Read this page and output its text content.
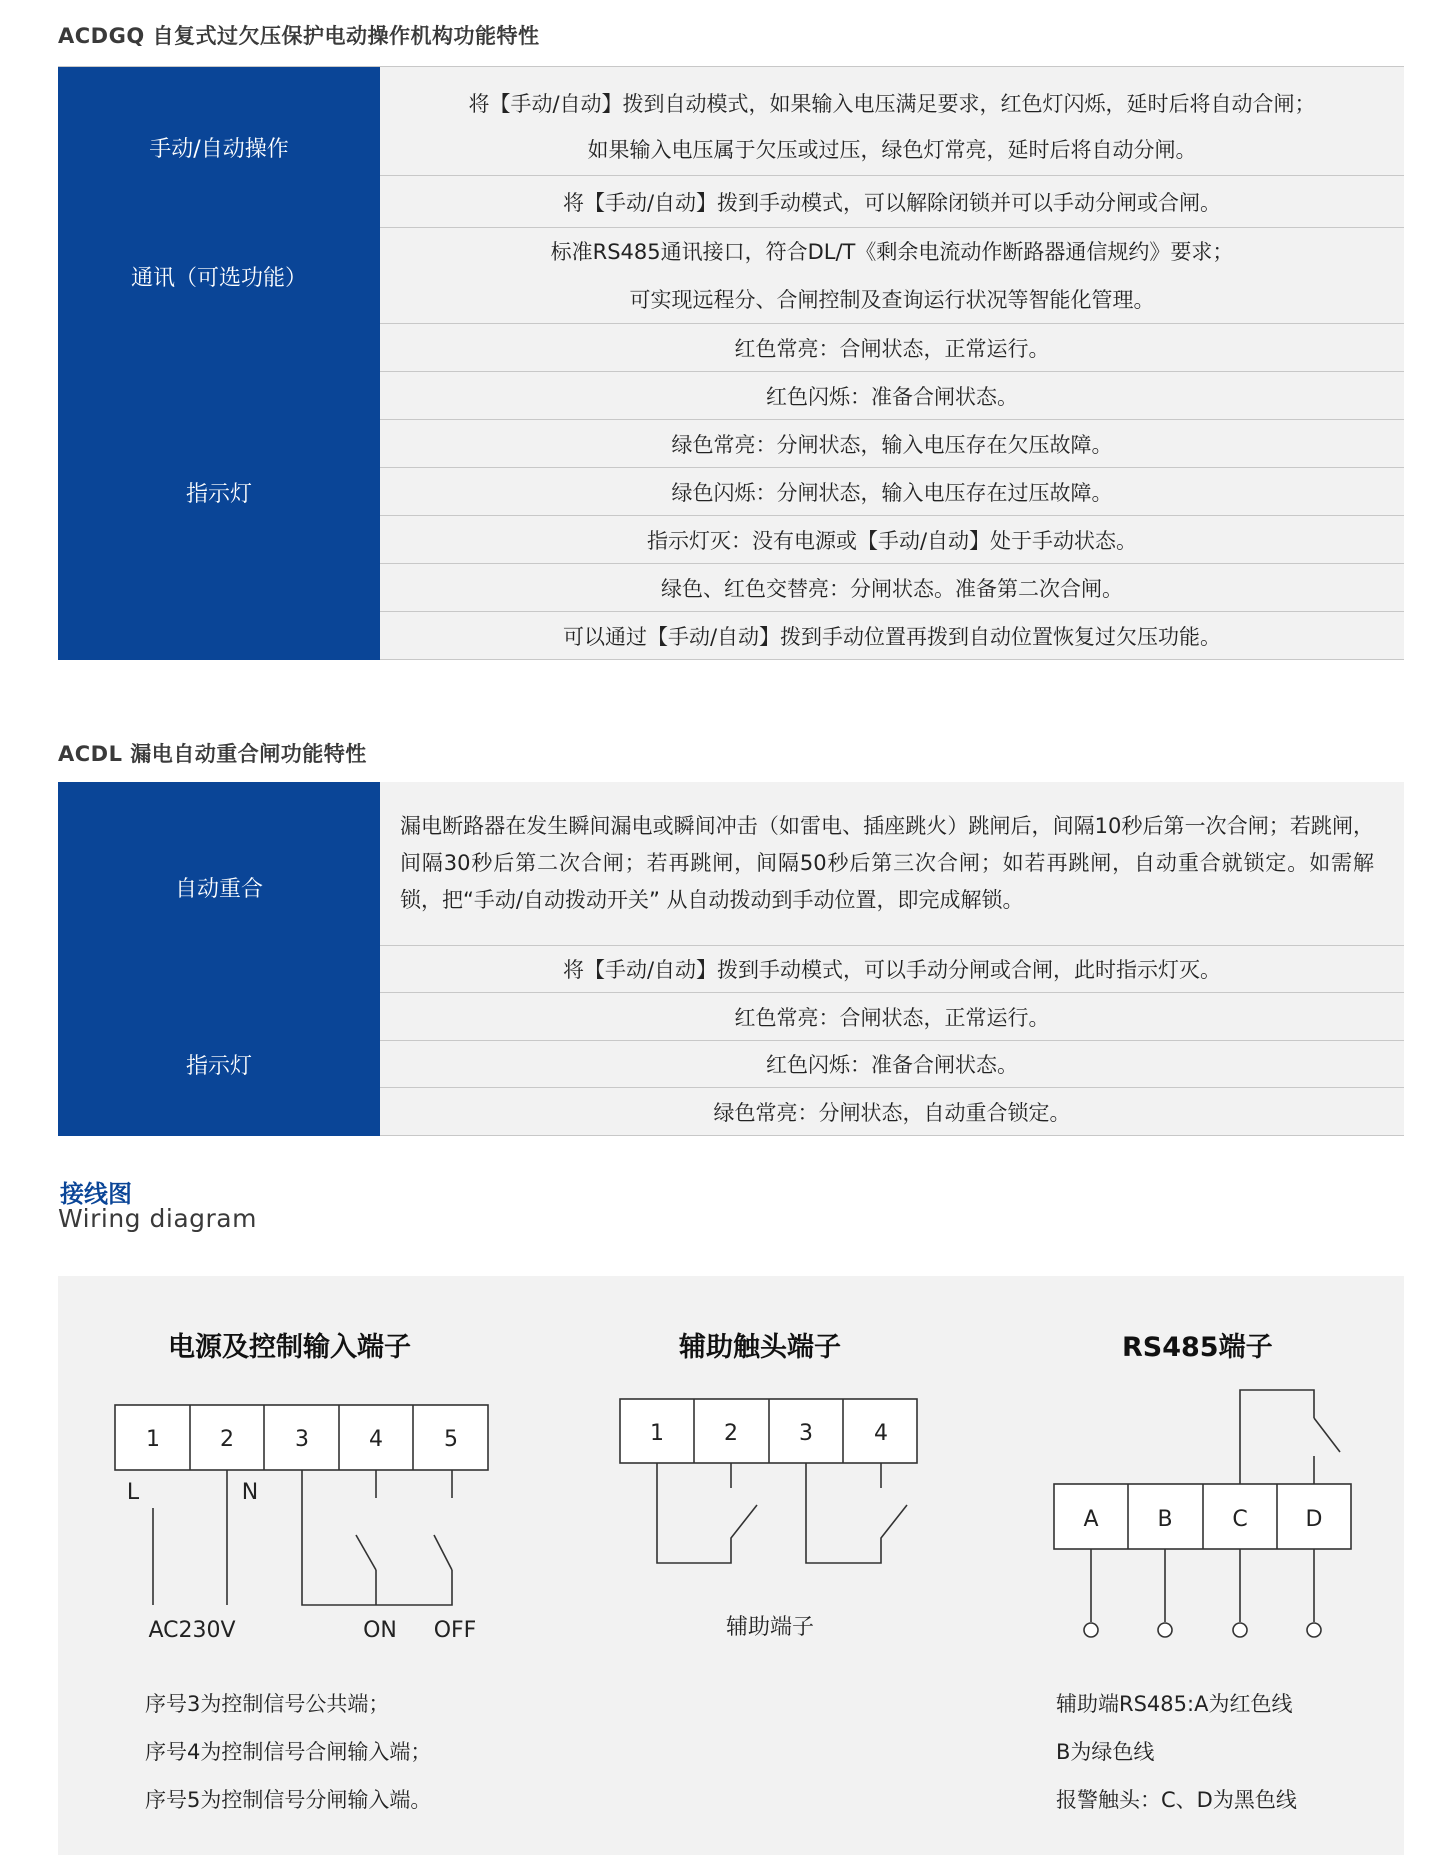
ACDGQ 自复式过欠压保护电动操作机构功能特性
手动/自动操作
将【手动/自动】拨到自动模式，如果输入电压满足要求，红色灯闪烁，延时后将自动合闸；
如果输入电压属于欠压或过压，绿色灯常亮，延时后将自动分闸。
将【手动/自动】拨到手动模式，可以解除闭锁并可以手动分闸或合闸。
通讯（可选功能）
标准RS485通讯接口，符合DL/T《剩余电流动作断路器通信规约》要求；
可实现远程分、合闸控制及查询运行状况等智能化管理。
指示灯
红色常亮：合闸状态，正常运行。
红色闪烁：准备合闸状态。
绿色常亮：分闸状态，输入电压存在欠压故障。
绿色闪烁：分闸状态，输入电压存在过压故障。
指示灯灭：没有电源或【手动/自动】处于手动状态。
绿色、红色交替亮：分闸状态。准备第二次合闸。
可以通过【手动/自动】拨到手动位置再拨到自动位置恢复过欠压功能。
ACDL 漏电自动重合闸功能特性
自动重合
漏电断路器在发生瞬间漏电或瞬间冲击（如雷电、插座跳火）跳闸后，间隔10秒后第一次合闸；若跳闸，间隔30秒后第二次合闸；若再跳闸，间隔50秒后第三次合闸；如若再跳闸，自动重合就锁定。如需解锁，把“手动/自动拨动开关” 从自动拨动到手动位置，即完成解锁。
将【手动/自动】拨到手动模式，可以手动分闸或合闸，此时指示灯灭。
指示灯
红色常亮：合闸状态，正常运行。
红色闪烁：准备合闸状态。
绿色常亮：分闸状态，自动重合锁定。
接线图
Wiring diagram
电源及控制输入端子	辅助触头端子	RS485端子
1	2	3	4	5
L	N
AC230V	ON OFF
1	2	3	4
辅助端子
A	B	C	D
序号3为控制信号公共端；
序号4为控制信号合闸输入端；
序号5为控制信号分闸输入端。
辅助端RS485:A为红色线
B为绿色线
报警触头：C、D为黑色线
